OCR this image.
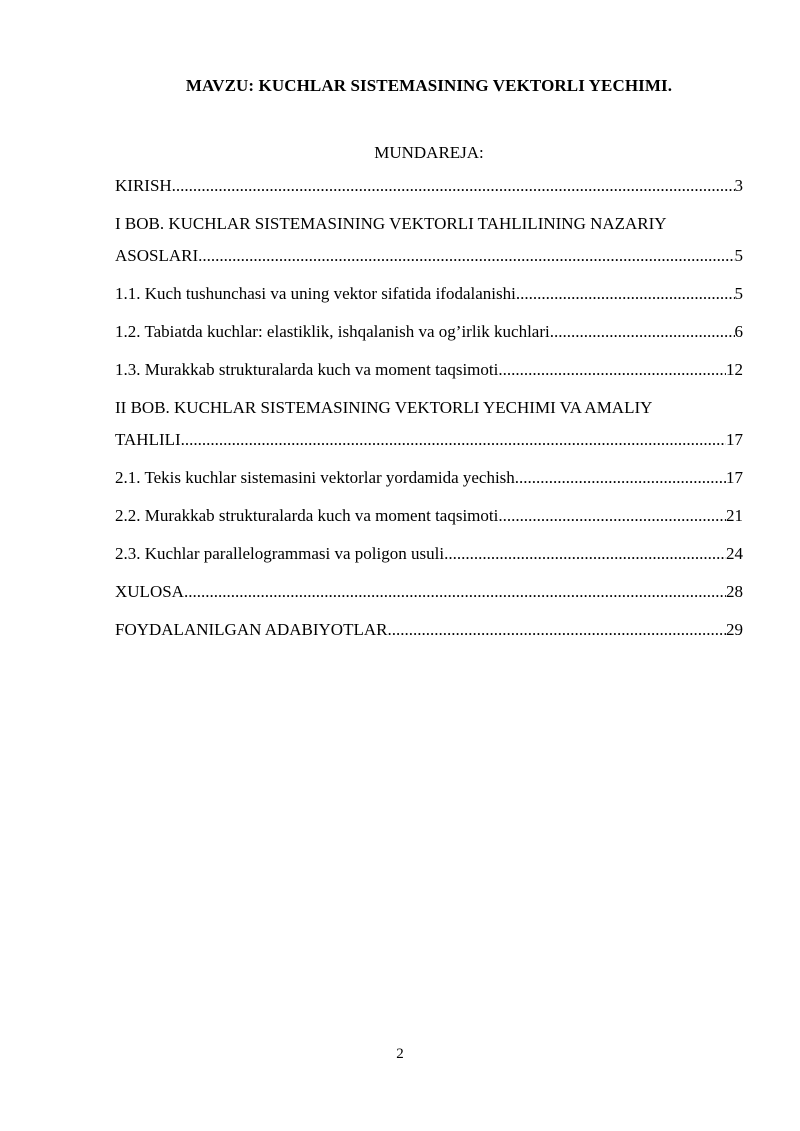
MAVZU: KUCHLAR SISTEMASINING VEKTORLI YECHIMI.
MUNDAREJA:
KIRISH .....	3
I BOB. KUCHLAR SISTEMASINING VEKTORLI TAHLILINING NAZARIY
ASOSLARI .....	5
1.1. Kuch tushunchasi va uning vektor sifatida ifodalanishi .....	5
1.2. Tabiatda kuchlar: elastiklik, ishqalanish va og’irlik kuchlari .....	6
1.3. Murakkab strukturalarda kuch va moment taqsimoti .....	12
II BOB. KUCHLAR SISTEMASINING VEKTORLI YECHIMI VA AMALIY
TAHLILI .....	17
2.1. Tekis kuchlar sistemasini vektorlar yordamida yechish .....	17
2.2. Murakkab strukturalarda kuch va moment taqsimoti .....	21
2.3. Kuchlar parallelogrammasi va poligon usuli .....	24
XULOSA .....	28
FOYDALANILGAN ADABIYOTLAR .....	29
2
